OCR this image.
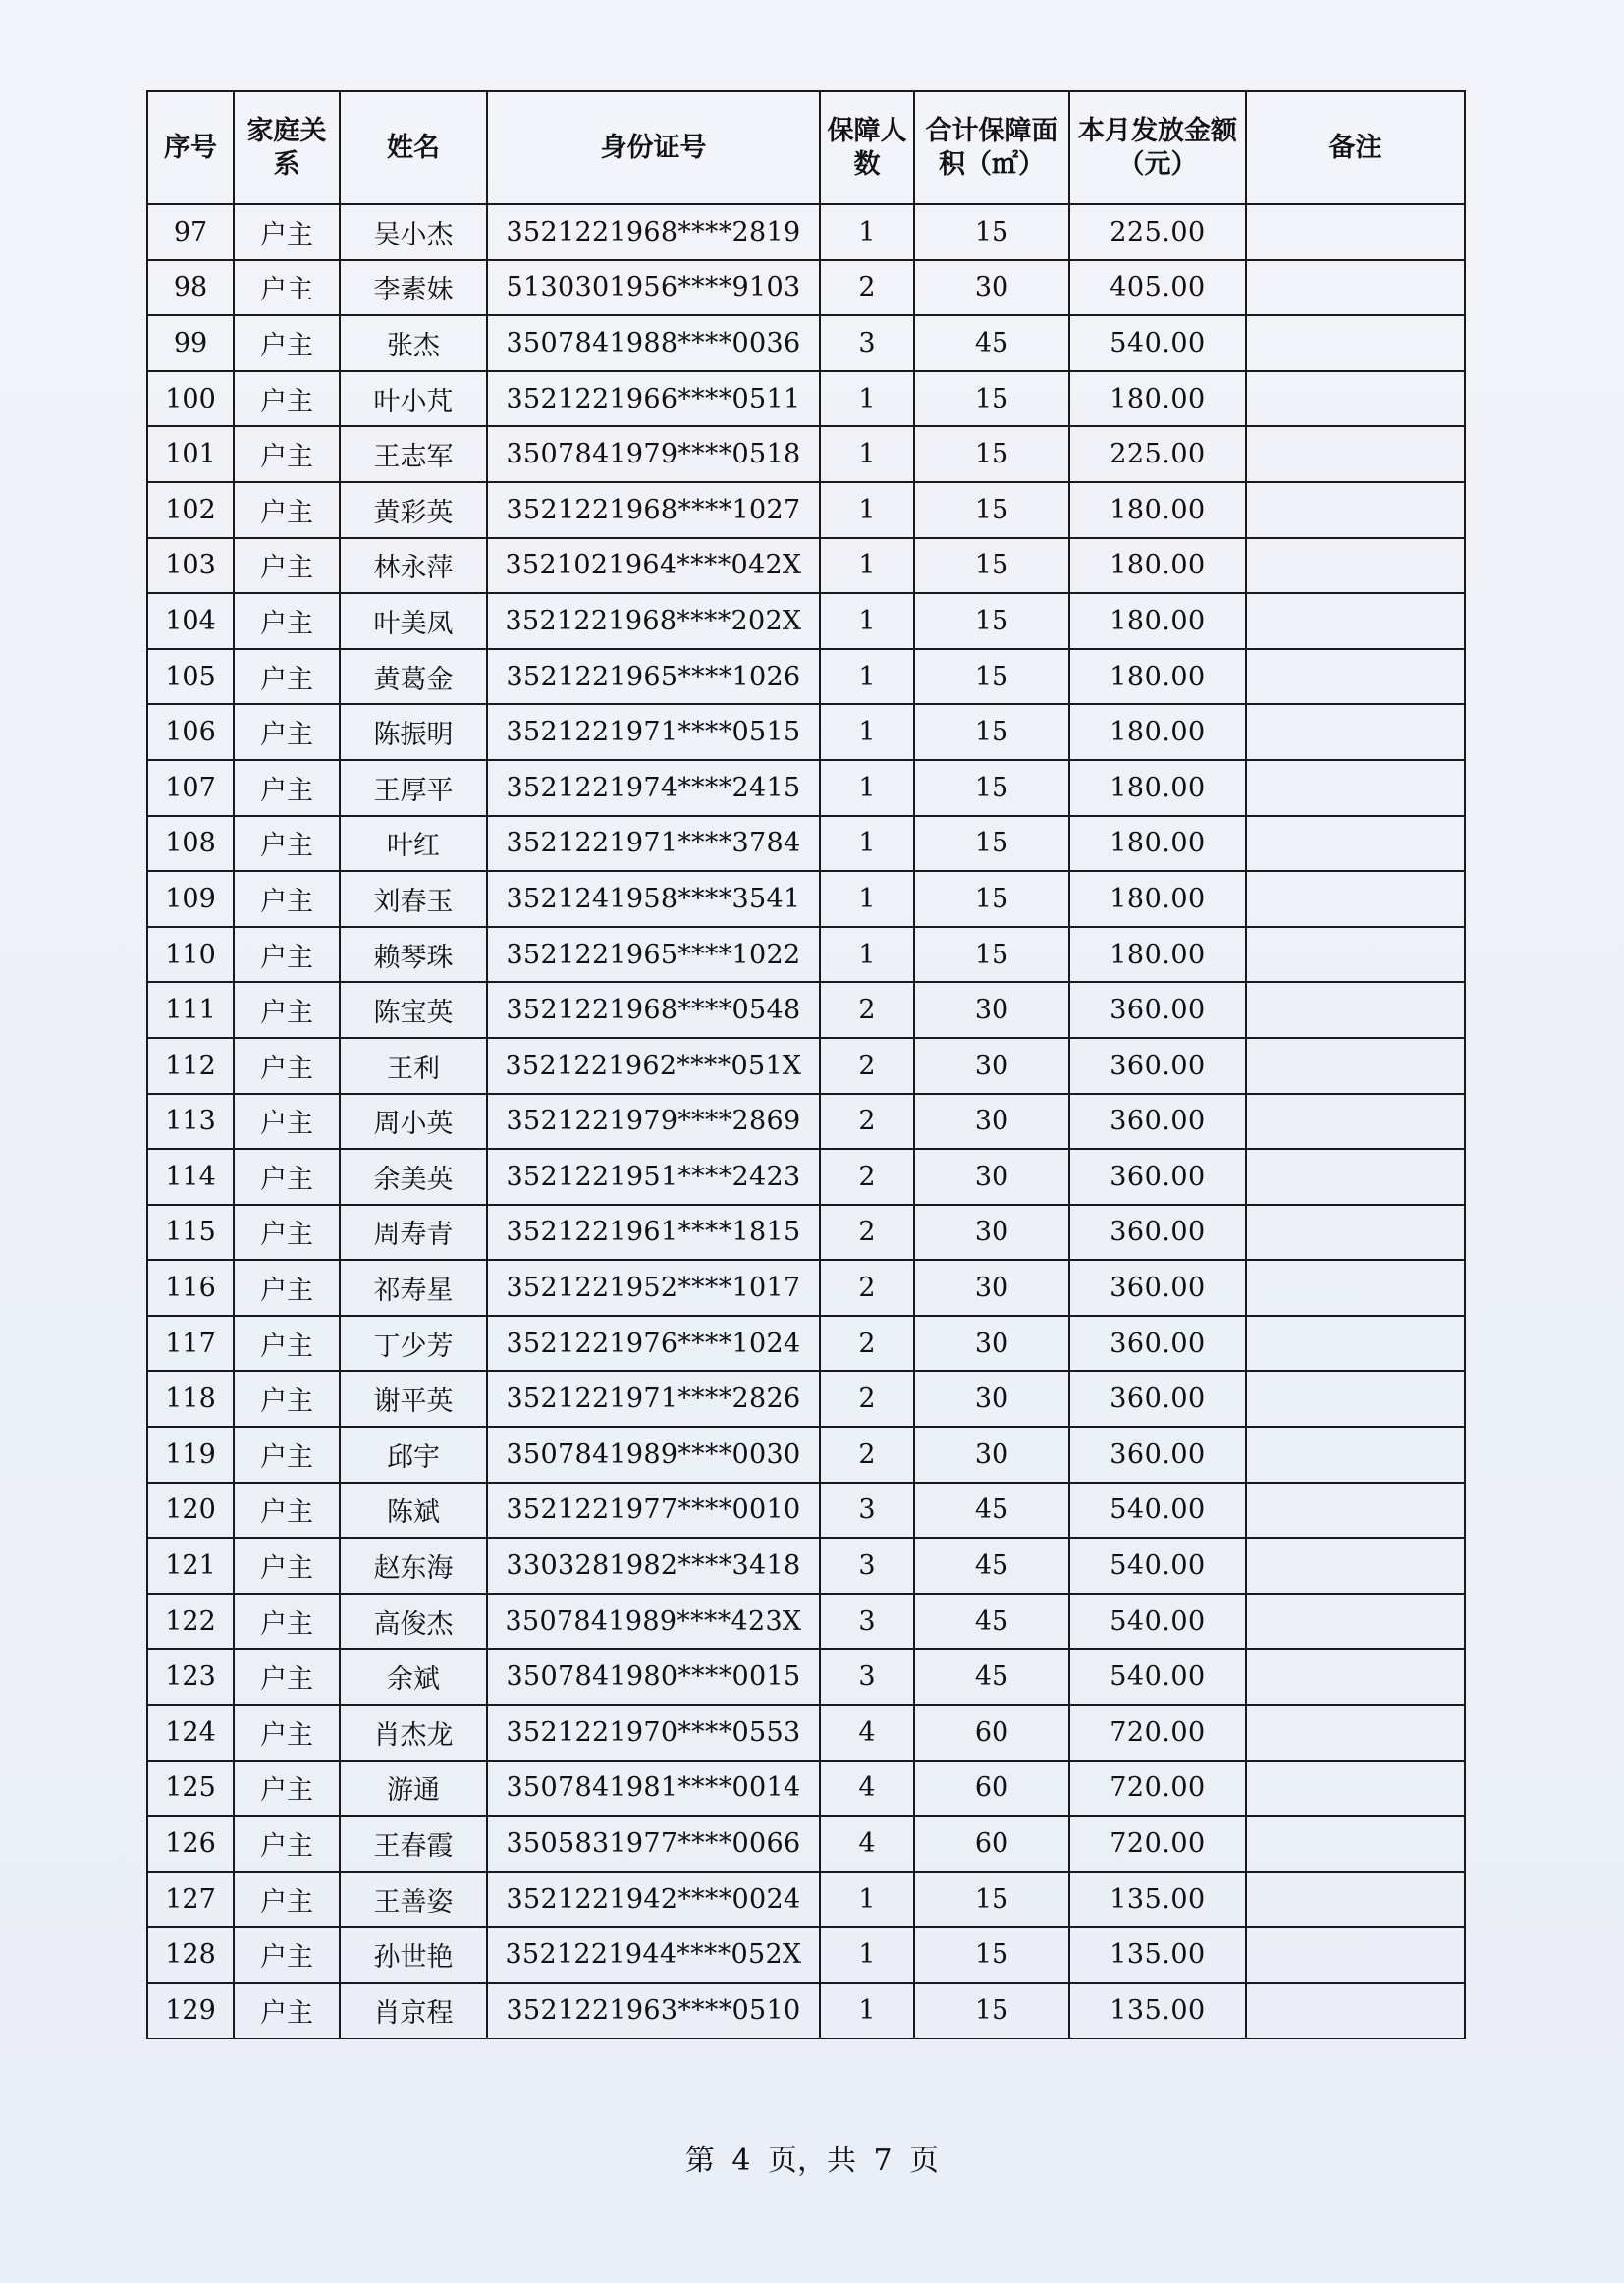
序号	家庭关系	姓名	身份证号	保障人数	合计保障面积（㎡）	本月发放金额（元）	备注
97	户主	吴小杰	3521221968****2819	1	15	225.00	
98	户主	李素妹	5130301956****9103	2	30	405.00	
99	户主	张杰	3507841988****0036	3	45	540.00	
100	户主	叶小芃	3521221966****0511	1	15	180.00	
101	户主	王志军	3507841979****0518	1	15	225.00	
102	户主	黄彩英	3521221968****1027	1	15	180.00	
103	户主	林永萍	3521021964****042X	1	15	180.00	
104	户主	叶美凤	3521221968****202X	1	15	180.00	
105	户主	黄葛金	3521221965****1026	1	15	180.00	
106	户主	陈振明	3521221971****0515	1	15	180.00	
107	户主	王厚平	3521221974****2415	1	15	180.00	
108	户主	叶红	3521221971****3784	1	15	180.00	
109	户主	刘春玉	3521241958****3541	1	15	180.00	
110	户主	赖琴珠	3521221965****1022	1	15	180.00	
111	户主	陈宝英	3521221968****0548	2	30	360.00	
112	户主	王利	3521221962****051X	2	30	360.00	
113	户主	周小英	3521221979****2869	2	30	360.00	
114	户主	余美英	3521221951****2423	2	30	360.00	
115	户主	周寿青	3521221961****1815	2	30	360.00	
116	户主	祁寿星	3521221952****1017	2	30	360.00	
117	户主	丁少芳	3521221976****1024	2	30	360.00	
118	户主	谢平英	3521221971****2826	2	30	360.00	
119	户主	邱宇	3507841989****0030	2	30	360.00	
120	户主	陈斌	3521221977****0010	3	45	540.00	
121	户主	赵东海	3303281982****3418	3	45	540.00	
122	户主	高俊杰	3507841989****423X	3	45	540.00	
123	户主	余斌	3507841980****0015	3	45	540.00	
124	户主	肖杰龙	3521221970****0553	4	60	720.00	
125	户主	游通	3507841981****0014	4	60	720.00	
126	户主	王春霞	3505831977****0066	4	60	720.00	
127	户主	王善姿	3521221942****0024	1	15	135.00	
128	户主	孙世艳	3521221944****052X	1	15	135.00	
129	户主	肖京程	3521221963****0510	1	15	135.00	
第 4 页，共 7 页
